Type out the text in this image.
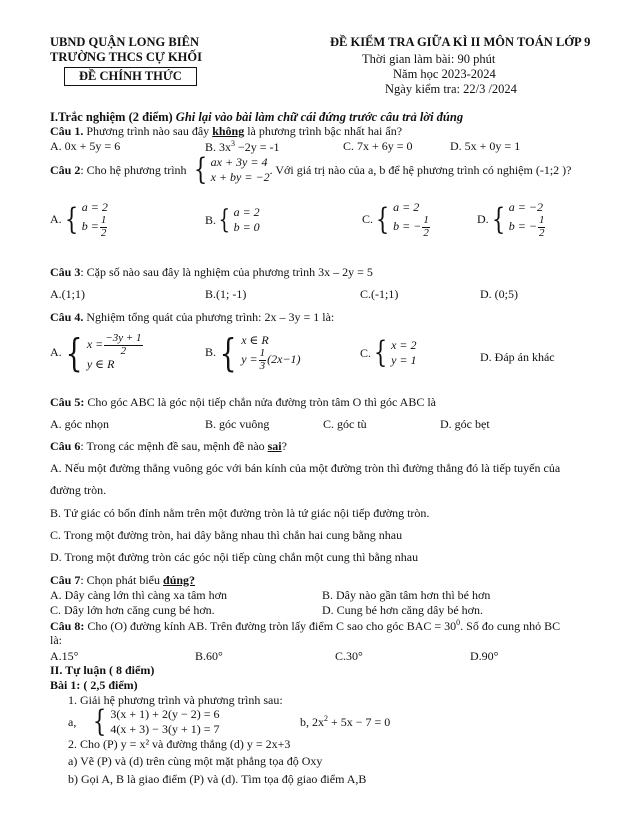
UBND QUẬN LONG BIÊN
TRƯỜNG THCS CỰ KHỐI
ĐỀ CHÍNH THỨC
ĐỀ KIỂM TRA GIỮA KÌ II MÔN TOÁN LỚP 9
Thời gian làm bài: 90 phút
Năm học 2023-2024
Ngày kiểm tra: 22/3 /2024
I.Trắc nghiệm (2 điểm) Ghi lại vào bài làm chữ cái đứng trước câu trả lời đúng
Câu 1. Phương trình nào sau đây không là phương trình bậc nhất hai ẩn?
A. 0x + 5y = 6	B. $3x^3 -2y = -1$	C. 7x + 6y = 0	D. 5x + 0y = 1
Câu 2 : Cho hệ phương trình { ax + 3y = 4
x + by = −2
. Với giá trị nào của a, b để hệ phương trình có nghiệm (-1;2 )?
A. { a = 2
$b = \frac{1}{2}$	B. { a = 2
b = 0
C. { a = 2
b = − $\frac{1}{2}$	D. { a = −2
b = − $\frac{1}{2}$
Câu 3: Cặp số nào sau đây là nghiệm của phương trình 3x – 2y = 5
A.(1;1)	B.(1; -1)	C.(-1;1)	D. (0;5)
Câu 4. Nghiệm tổng quát của phương trình: 2x – 3y = 1 là:
A. { $x = \frac{-3y + 1}{2}$
y ∈ R
B. { x ∈ R
$y = \frac{1}{3} (2x-1)$	C. { x = 2
y = 1	D. Đáp án khác
Câu 5: Cho góc ABC là góc nội tiếp chắn nửa đường tròn tâm O thì góc ABC là
A. góc nhọn	B. góc vuông	C. góc tù	D. góc bẹt
Câu 6: Trong các mệnh đề sau, mệnh đề nào sai?
A. Nếu một đường thẳng vuông góc với bán kính của một đường tròn thì đường thẳng đó là tiếp tuyến của
đường tròn.
B. Tứ giác có bốn đỉnh nằm trên một đường tròn là tứ giác nội tiếp đường tròn.
C. Trong một đường tròn, hai dây bằng nhau thì chắn hai cung bằng nhau
D. Trong một đường tròn các góc nội tiếp cùng chắn một cung thì bằng nhau
Câu 7: Chọn phát biểu đúng?
A. Dây càng lớn thì càng xa tâm hơn	B. Dây nào gần tâm hơn thì bé hơn
C. Dây lớn hơn căng cung bé hơn.	D. Cung bé hơn căng dây bé hơn.
Câu 8: Cho (O) đường kính AB. Trên đường tròn lấy điểm C sao cho góc BAC = $30^0$. Số đo cung nhỏ BC
là:
A.15°	B.60°	C.30°	D.90°
II. Tự luận ( 8 điểm)
Bài 1: ( 2,5 điểm)
1. Giải hệ phương trình và phương trình sau:
a, { 3(x + 1) + 2(y − 2) = 6
4(x + 3) − 3(y + 1) = 7	b, $2x^2 + 5x - 7 = 0$
2. Cho (P) y = x² và đường thẳng (d) y = 2x+3
a) Vẽ (P) và (d) trên cùng một mặt phẳng tọa độ Oxy
b) Gọi A, B là giao điểm (P) và (d). Tìm tọa độ giao điểm A,B
